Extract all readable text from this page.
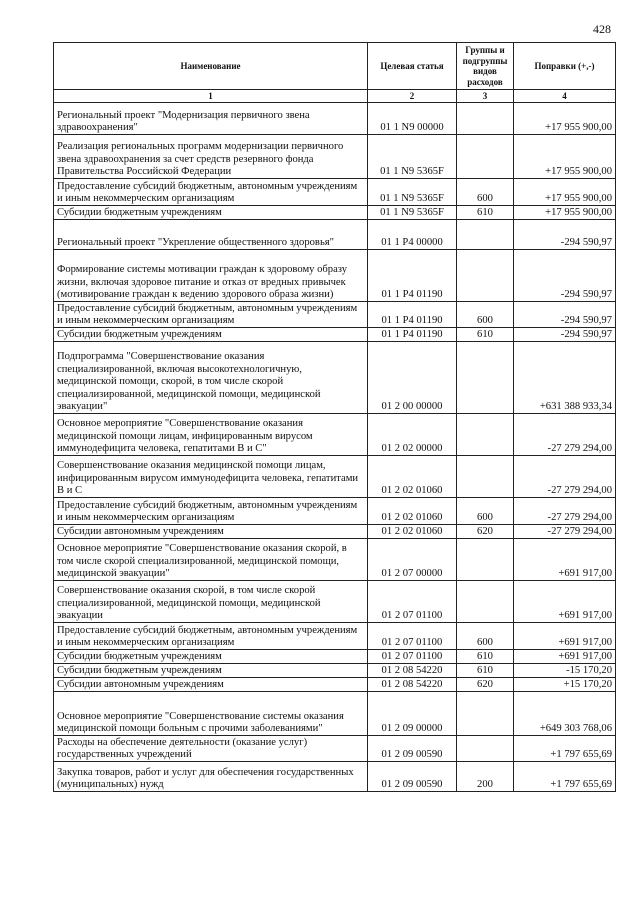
428
Наименование	Целевая статья	Группы и подгруппы видов расходов	Поправки (+,-)
1	2	3	4
Региональный проект "Модернизация первичного звена здравоохранения"	01 1 N9 00000		+17 955 900,00
Реализация региональных программ модернизации первичного звена здравоохранения за счет средств резервного фонда Правительства Российской Федерации	01 1 N9 5365F		+17 955 900,00
Предоставление субсидий бюджетным, автономным учреждениям и иным некоммерческим организациям	01 1 N9 5365F	600	+17 955 900,00
Субсидии бюджетным учреждениям	01 1 N9 5365F	610	+17 955 900,00
Региональный проект "Укрепление общественного здоровья"	01 1 P4 00000		-294 590,97
Формирование системы мотивации граждан к здоровому образу жизни, включая здоровое питание и отказ от вредных привычек (мотивирование граждан к ведению здорового образа жизни)	01 1 P4 01190		-294 590,97
Предоставление субсидий бюджетным, автономным учреждениям и иным некоммерческим организациям	01 1 P4 01190	600	-294 590,97
Субсидии бюджетным учреждениям	01 1 P4 01190	610	-294 590,97
Подпрограмма "Совершенствование оказания специализированной, включая высокотехнологичную, медицинской помощи, скорой, в том числе скорой специализированной, медицинской помощи, медицинской эвакуации"	01 2 00 00000		+631 388 933,34
Основное мероприятие "Совершенствование оказания медицинской помощи лицам, инфицированным вирусом иммунодефицита человека, гепатитами В и С"	01 2 02 00000		-27 279 294,00
Совершенствование оказания медицинской помощи лицам, инфицированным вирусом иммунодефицита человека, гепатитами В и С	01 2 02 01060		-27 279 294,00
Предоставление субсидий бюджетным, автономным учреждениям и иным некоммерческим организациям	01 2 02 01060	600	-27 279 294,00
Субсидии автономным учреждениям	01 2 02 01060	620	-27 279 294,00
Основное мероприятие "Совершенствование оказания скорой, в том числе скорой специализированной, медицинской помощи, медицинской эвакуации"	01 2 07 00000		+691 917,00
Совершенствование оказания скорой, в том числе скорой специализированной, медицинской помощи, медицинской эвакуации	01 2 07 01100		+691 917,00
Предоставление субсидий бюджетным, автономным учреждениям и иным некоммерческим организациям	01 2 07 01100	600	+691 917,00
Субсидии бюджетным учреждениям	01 2 07 01100	610	+691 917,00
Субсидии бюджетным учреждениям	01 2 08 54220	610	-15 170,20
Субсидии автономным учреждениям	01 2 08 54220	620	+15 170,20
Основное мероприятие "Совершенствование системы оказания медицинской помощи больным с прочими заболеваниями"	01 2 09 00000		+649 303 768,06
Расходы на обеспечение деятельности (оказание услуг) государственных учреждений	01 2 09 00590		+1 797 655,69
Закупка товаров, работ и услуг для обеспечения государственных (муниципальных) нужд	01 2 09 00590	200	+1 797 655,69
